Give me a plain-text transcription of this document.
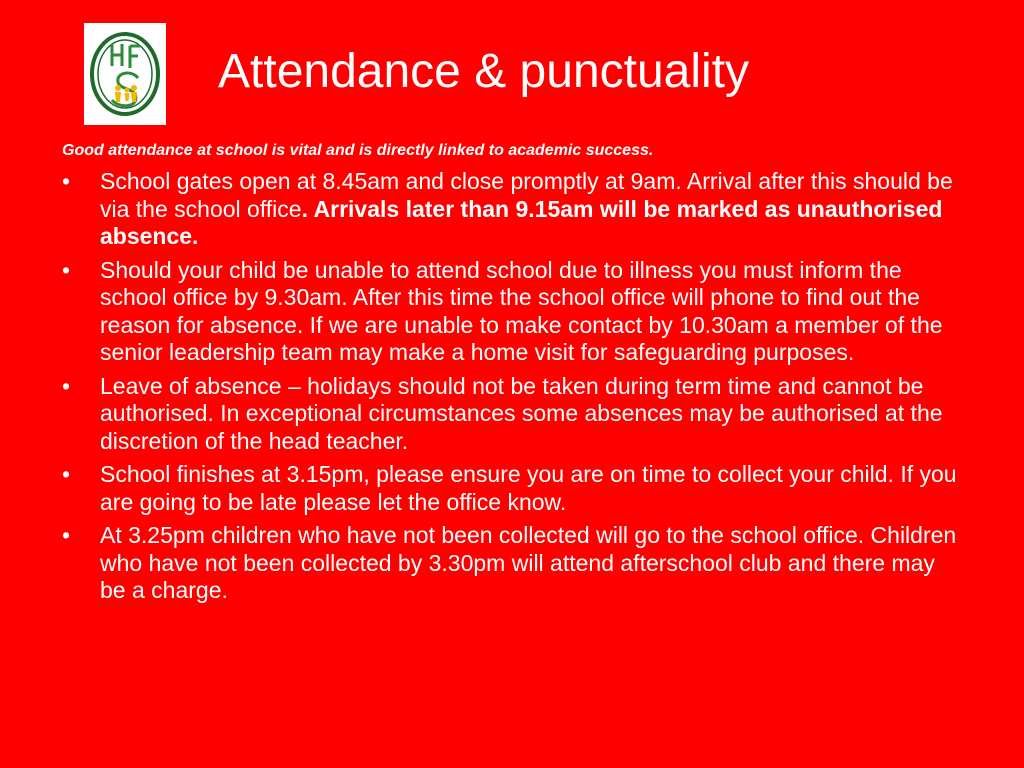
Attendance & punctuality
Good attendance at school is vital and is directly linked to academic success.
•	School gates open at 8.45am and close promptly at 9am. Arrival after this should be via the school office. Arrivals later than 9.15am will be marked as unauthorised absence.
•	Should your child be unable to attend school due to illness you must inform the school office by 9.30am. After this time the school office will phone to find out the reason for absence. If we are unable to make contact by 10.30am a member of the senior leadership team may make a home visit for safeguarding purposes.
•	Leave of absence – holidays should not be taken during term time and cannot be authorised. In exceptional circumstances some absences may be authorised at the discretion of the head teacher.
•	School finishes at 3.15pm, please ensure you are on time to collect your child. If you are going to be late please let the office know.
•	At 3.25pm children who have not been collected will go to the school office. Children who have not been collected by 3.30pm will attend afterschool club and there may be a charge.
